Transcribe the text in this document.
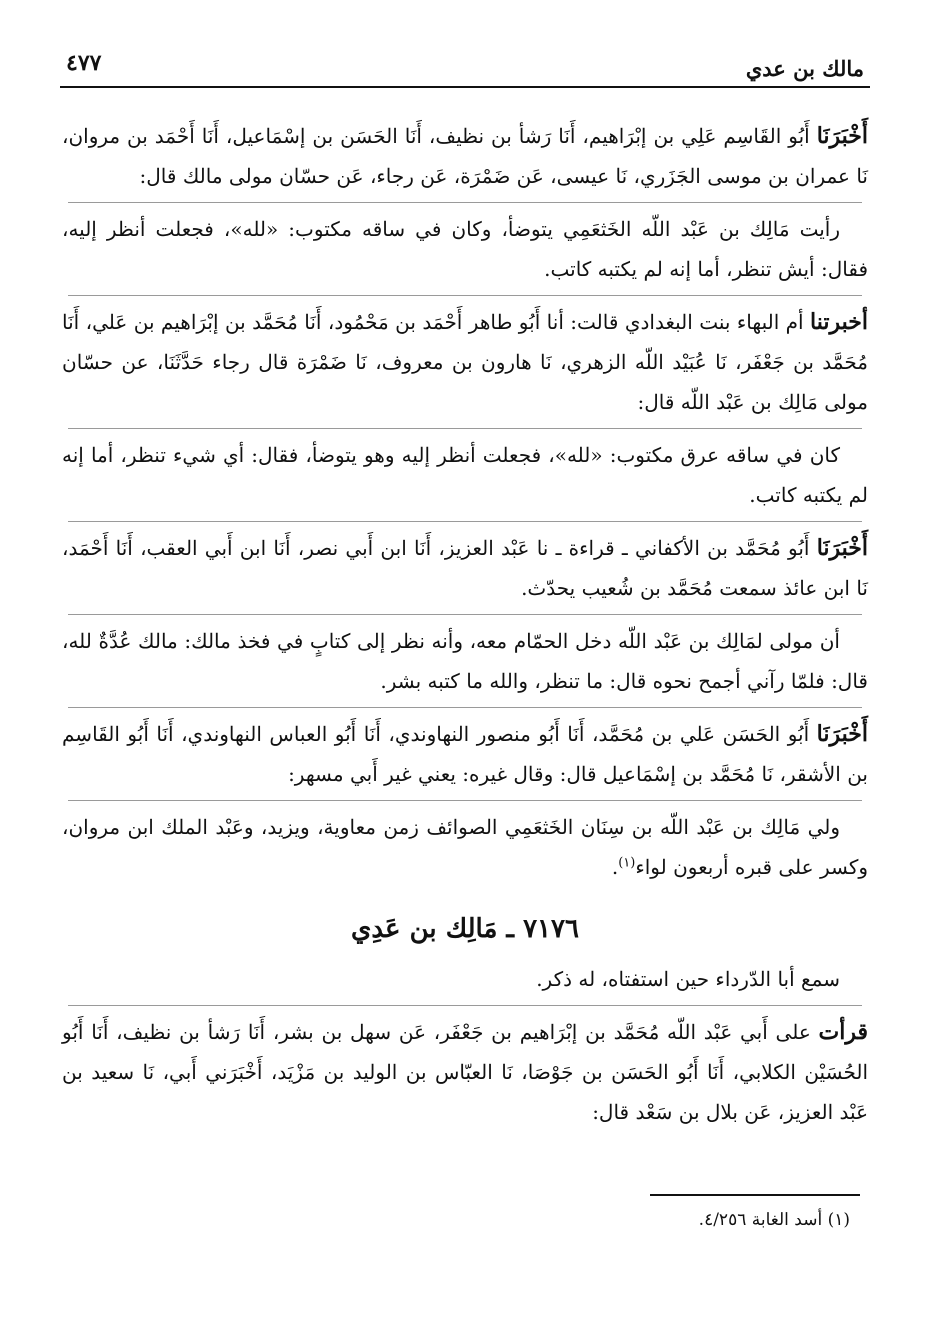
مالك بن عدي
٤٧٧

أَخْبَرَنَا أَبُو القَاسِم عَلِي بن إبْرَاهيم، أَنَا رَشأ بن نظيف، أَنَا الحَسَن بن إسْمَاعيل، أَنَا أَحْمَد بن مروان، نَا عمران بن موسى الجَزَري، نَا عيسى، عَن ضَمْرَة، عَن رجاء، عَن حسّان مولى مالك قال:

رأيت مَالِك بن عَبْد اللّه الخَثعَمِي يتوضأ، وكان في ساقه مكتوب: «لله»، فجعلت أنظر إليه، فقال: أيش تنظر، أما إنه لم يكتبه كاتب.

أخبرتنا أم البهاء بنت البغدادي قالت: أنا أَبُو طاهر أَحْمَد بن مَحْمُود، أَنَا مُحَمَّد بن إبْرَاهيم بن عَلي، أَنَا مُحَمَّد بن جَعْفَر، نَا عُبَيْد اللّه الزهري، نَا هارون بن معروف، نَا ضَمْرَة قال رجاء حَدَّثَنَا، عن حسّان مولى مَالِك بن عَبْد اللّه قال:

كان في ساقه عرق مكتوب: «لله»، فجعلت أنظر إليه وهو يتوضأ، فقال: أي شيء تنظر، أما إنه لم يكتبه كاتب.

أَخْبَرَنَا أَبُو مُحَمَّد بن الأكفاني ـ قراءة ـ نا عَبْد العزيز، أَنَا ابن أَبي نصر، أَنَا ابن أَبي العقب، أَنَا أَحْمَد، نَا ابن عائذ سمعت مُحَمَّد بن شُعيب يحدّث.

أن مولى لمَالِك بن عَبْد اللّه دخل الحمّام معه، وأنه نظر إلى كتابٍ في فخذ مالك: مالك عُدَّةٌ لله، قال: فلمّا رآني أجمح نحوه قال: ما تنظر، والله ما كتبه بشر.

أَخْبَرَنَا أَبُو الحَسَن عَلي بن مُحَمَّد، أَنَا أَبُو منصور النهاوندي، أَنَا أَبُو العباس النهاوندي، أَنَا أَبُو القَاسِم بن الأشقر، نَا مُحَمَّد بن إسْمَاعيل قال: وقال غيره: يعني غير أَبي مسهر:

ولي مَالِك بن عَبْد اللّه بن سِنَان الخَثعَمِي الصوائف زمن معاوية، ويزيد، وعَبْد الملك ابن مروان، وكسر على قبره أربعون لواء$^{(١)}$.

٧١٧٦ ـ مَالِك بن عَدِي

سمع أبا الدّرداء حين استفتاه، له ذكر.

قرأت على أَبي عَبْد اللّه مُحَمَّد بن إبْرَاهيم بن جَعْفَر، عَن سهل بن بشر، أَنَا رَشأ بن نظيف، أَنَا أَبُو الحُسَيْن الكلابي، أَنَا أَبُو الحَسَن بن جَوْصَا، نَا العبّاس بن الوليد بن مَزْيَد، أَخْبَرَني أَبي، نَا سعيد بن عَبْد العزيز، عَن بلال بن سَعْد قال:

(١) أسد الغابة ٤/٢٥٦.
